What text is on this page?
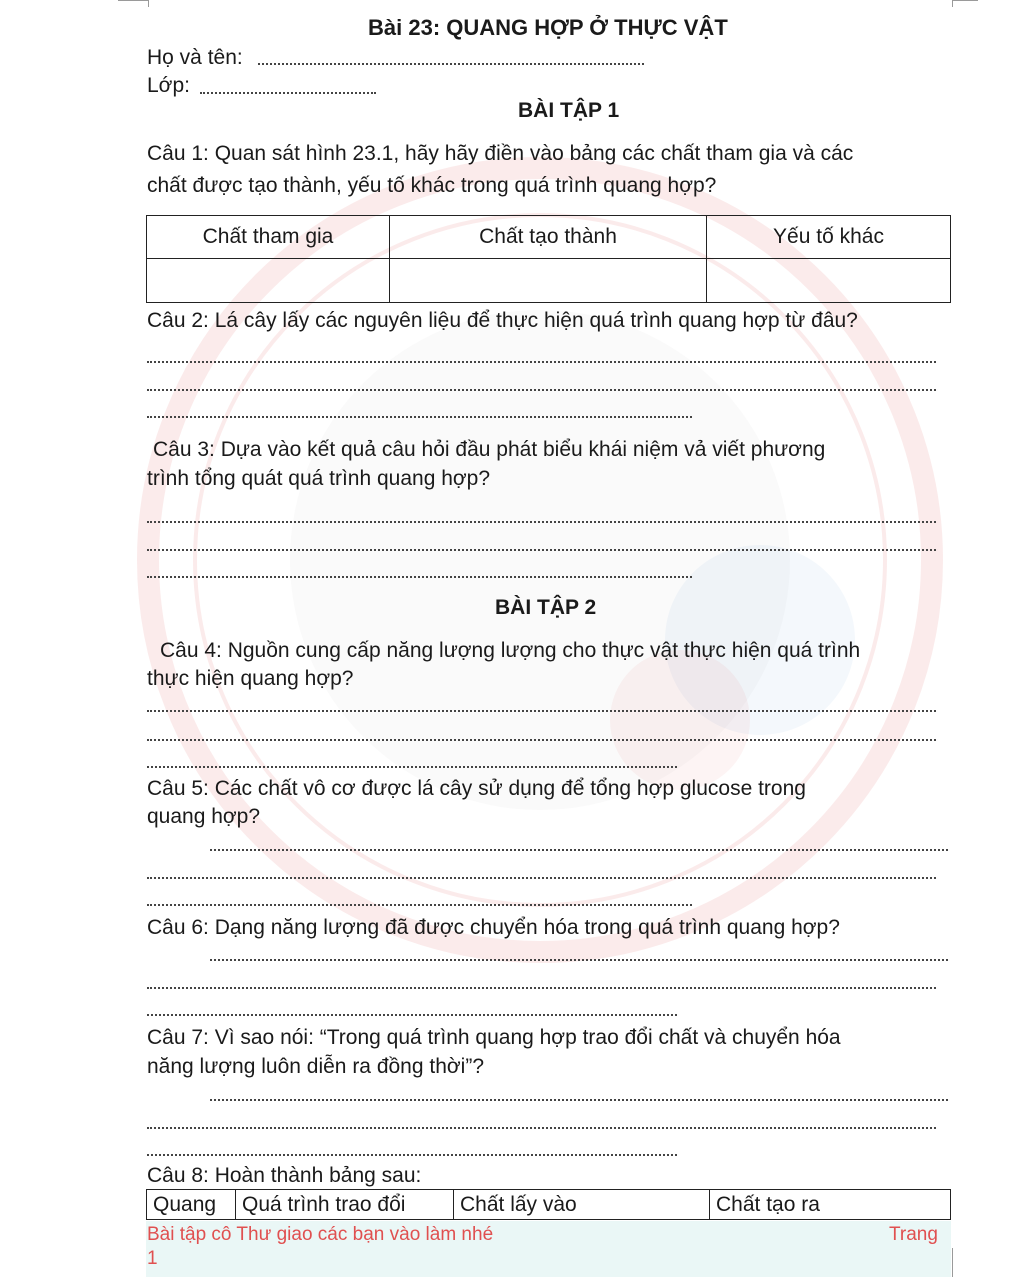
Bài 23: QUANG HỢP Ở THỰC VẬT
Họ và tên:
Lớp:
BÀI TẬP 1
Câu 1: Quan sát hình 23.1, hãy hãy điền vào bảng các chất tham gia và các
chất được tạo thành, yếu tố khác trong quá trình quang hợp?
Chất tham gia	Chất tạo thành	Yếu tố khác

Câu 2: Lá cây lấy các nguyên liệu để thực hiện quá trình quang hợp từ đâu?
Câu 3: Dựa vào kết quả câu hỏi đầu phát biểu khái niệm vả viết phương
trình tổng quát quá trình quang hợp?
BÀI TẬP 2
Câu 4: Nguồn cung cấp năng lượng lượng cho thực vật thực hiện quá trình
thực hiện quang hợp?
Câu 5: Các chất vô cơ được lá cây sử dụng để tổng hợp glucose trong
quang hợp?
Câu 6: Dạng năng lượng đã được chuyển hóa trong quá trình quang hợp?
Câu 7: Vì sao nói: “Trong quá trình quang hợp trao đổi chất và chuyển hóa
năng lượng luôn diễn ra đồng thời”?
Câu 8: Hoàn thành bảng sau:
Quang	Quá trình trao đổi	Chất lấy vào	Chất tạo ra
Bài tập cô Thư giao các bạn vào làm nhé	Trang
1
